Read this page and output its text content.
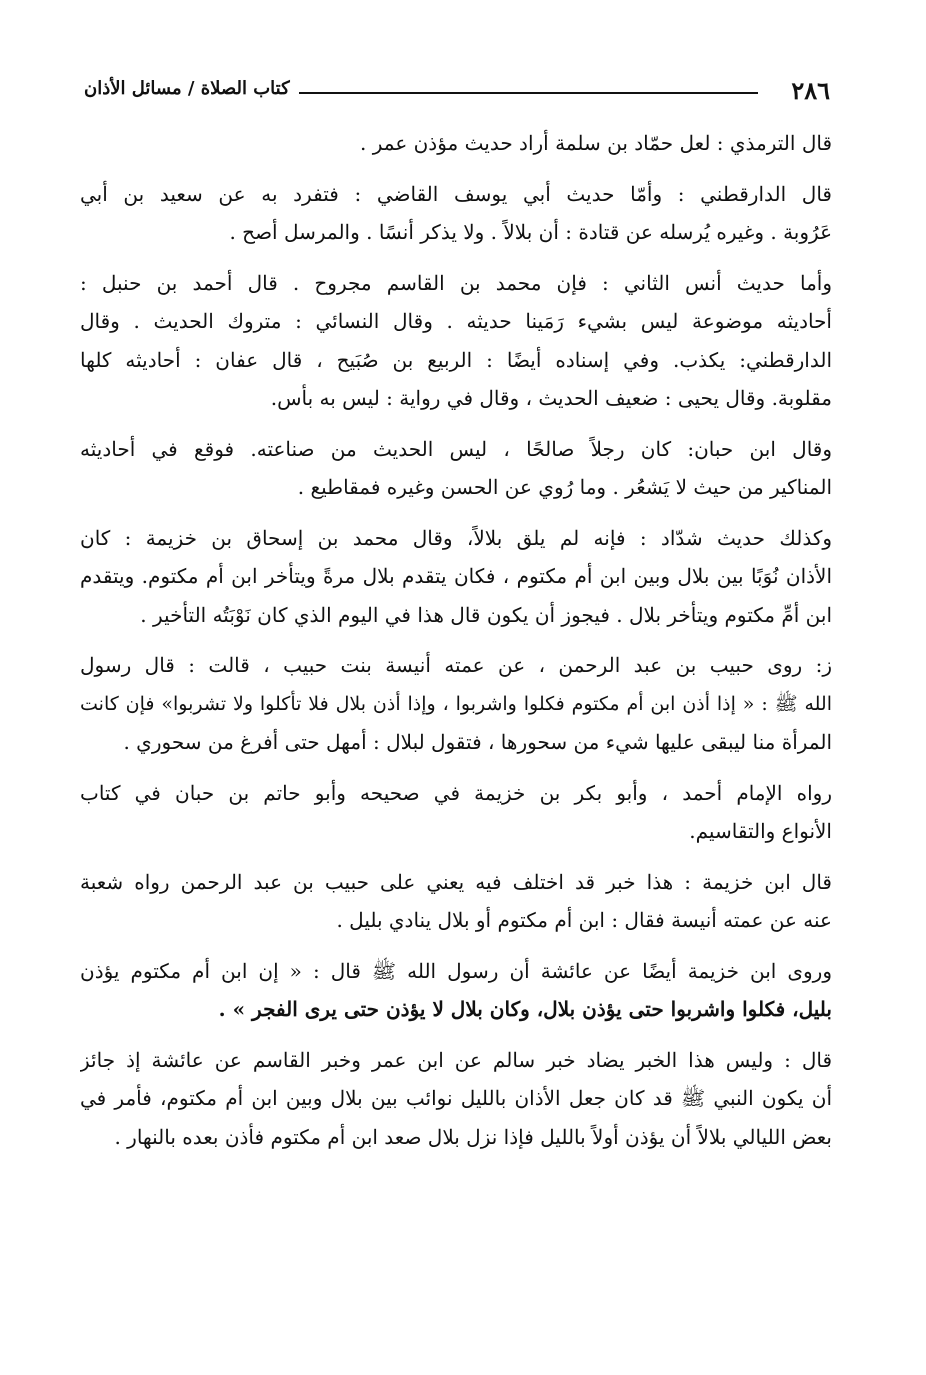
٢٨٦
كتاب الصلاة / مسائل الأذان

قال الترمذي : لعل حمّاد بن سلمة أراد حديث مؤذن عمر .

قال الدارقطني : وأمّا حديث أبي يوسف القاضي : فتفرد به عن سعيد بن أبي
عَرُوبة . وغيره يُرسله عن قتادة : أن بلالاً . ولا يذكر أنسًا . والمرسل أصح .

وأما حديث أنس الثاني : فإن محمد بن القاسم مجروح . قال أحمد بن حنبل :
أحاديثه موضوعة ليس بشيء رَمَينا حديثه . وقال النسائي : متروك الحديث . وقال
الدارقطني: يكذب. وفي إسناده أيضًا : الربيع بن صُبَيح ، قال عفان : أحاديثه كلها
مقلوبة. وقال يحيى : ضعيف الحديث ، وقال في رواية : ليس به بأس.

وقال ابن حبان: كان رجلاً صالحًا ، ليس الحديث من صناعته. فوقع في أحاديثه
المناكير من حيث لا يَشعُر . وما رُوي عن الحسن وغيره فمقاطيع .

وكذلك حديث شدّاد : فإنه لم يلق بلالاً، وقال محمد بن إسحاق بن خزيمة : كان
الأذان نُوَبًا بين بلال وبين ابن أم مكتوم ، فكان يتقدم بلال مرةً ويتأخر ابن أم مكتوم. ويتقدم
ابن أمِّ مكتوم ويتأخر بلال . فيجوز أن يكون قال هذا في اليوم الذي كان نَوْبَتُه التأخير .

ز: روى حبيب بن عبد الرحمن ، عن عمته أنيسة بنت حبيب ، قالت : قال رسول
الله ﷺ : « إذا أذن ابن أم مكتوم فكلوا واشربوا ، وإذا أذن بلال فلا تأكلوا ولا تشربوا» فإن كانت
المرأة منا ليبقى عليها شيء من سحورها ، فتقول لبلال : أمهل حتى أفرغ من سحوري .

رواه الإمام أحمد ، وأبو بكر بن خزيمة في صحيحه وأبو حاتم بن حبان في كتاب
الأنواع والتقاسيم.

قال ابن خزيمة : هذا خبر قد اختلف فيه يعني على حبيب بن عبد الرحمن رواه شعبة
عنه عن عمته أنيسة فقال : ابن أم مكتوم أو بلال ينادي بليل .

وروى ابن خزيمة أيضًا عن عائشة أن رسول الله ﷺ قال : « إن ابن أم مكتوم يؤذن
بليل، فكلوا واشربوا حتى يؤذن بلال، وكان بلال لا يؤذن حتى يرى الفجر » .

قال : وليس هذا الخبر يضاد خبر سالم عن ابن عمر وخبر القاسم عن عائشة إذ جائز
أن يكون النبي ﷺ قد كان جعل الأذان بالليل نوائب بين بلال وبين ابن أم مكتوم، فأمر في
بعض الليالي بلالاً أن يؤذن أولاً بالليل فإذا نزل بلال صعد ابن أم مكتوم فأذن بعده بالنهار .
